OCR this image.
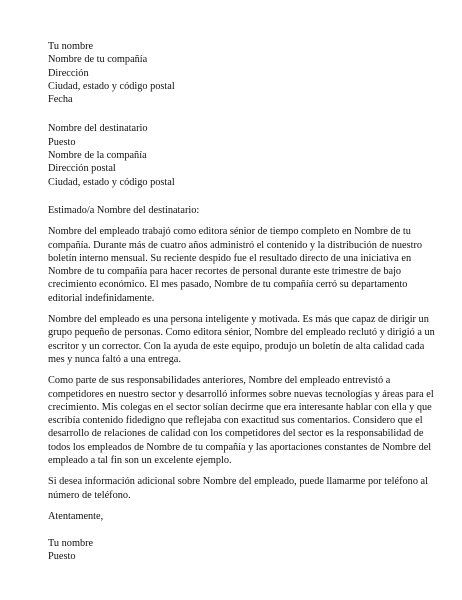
Tu nombre
Nombre de tu compañía
Dirección
Ciudad, estado y código postal
Fecha
Nombre del destinatario
Puesto
Nombre de la compañía
Dirección postal
Ciudad, estado y código postal
Estimado/a Nombre del destinatario:
Nombre del empleado trabajó como editora sénior de tiempo completo en Nombre de tu
compañía. Durante más de cuatro años administró el contenido y la distribución de nuestro
boletín interno mensual. Su reciente despido fue el resultado directo de una iniciativa en
Nombre de tu compañía para hacer recortes de personal durante este trimestre de bajo
crecimiento económico. El mes pasado, Nombre de tu compañía cerró su departamento
editorial indefinidamente.
Nombre del empleado es una persona inteligente y motivada. Es más que capaz de dirigir un
grupo pequeño de personas. Como editora sénior, Nombre del empleado reclutó y dirigió a un
escritor y un corrector. Con la ayuda de este equipo, produjo un boletín de alta calidad cada
mes y nunca faltó a una entrega.
Como parte de sus responsabilidades anteriores, Nombre del empleado entrevistó a
competidores en nuestro sector y desarrolló informes sobre nuevas tecnologías y áreas para el
crecimiento. Mis colegas en el sector solían decirme que era interesante hablar con ella y que
escribía contenido fidedigno que reflejaba con exactitud sus comentarios. Considero que el
desarrollo de relaciones de calidad con los competidores del sector es la responsabilidad de
todos los empleados de Nombre de tu compañía y las aportaciones constantes de Nombre del
empleado a tal fin son un excelente ejemplo.
Si desea información adicional sobre Nombre del empleado, puede llamarme por teléfono al
número de teléfono.
Atentamente,
Tu nombre
Puesto
